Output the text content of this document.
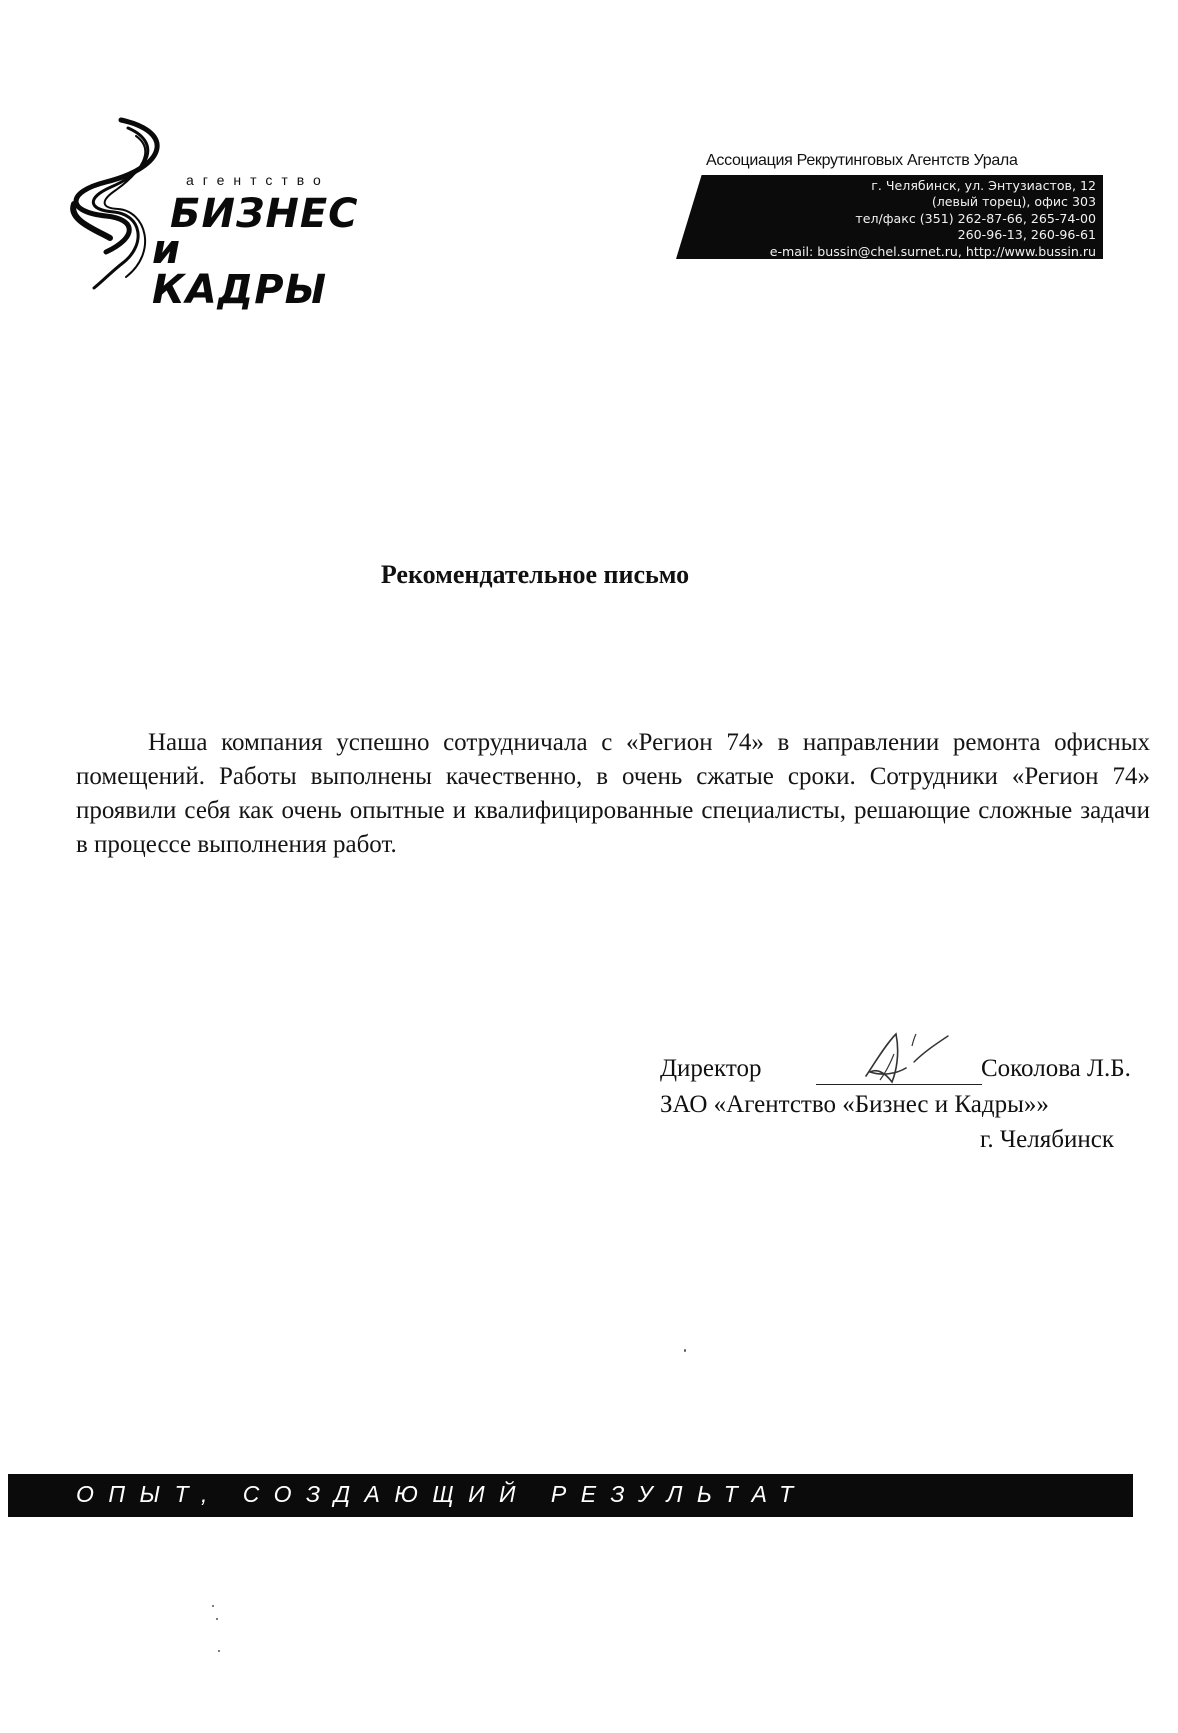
агентство
БИЗНЕС
и КАДРЫ
Ассоциация Рекрутинговых Агентств Урала
г. Челябинск, ул. Энтузиастов, 12
(левый торец), офис 303
тел/факс (351) 262-87-66, 265-74-00
260-96-13, 260-96-61
e-mail: bussin@chel.surnet.ru, http://www.bussin.ru
Рекомендательное письмо
Наша компания успешно сотрудничала с «Регион 74» в направлении ремонта офисных помещений. Работы выполнены качественно, в очень сжатые сроки. Сотрудники «Регион 74» проявили себя как очень опытные и квалифицированные специалисты, решающие сложные задачи в процессе выполнения работ.
Директор	Соколова Л.Б.
ЗАО «Агентство «Бизнес и Кадры»»
г. Челябинск
ОПЫТ, СОЗДАЮЩИЙ РЕЗУЛЬТАТ
